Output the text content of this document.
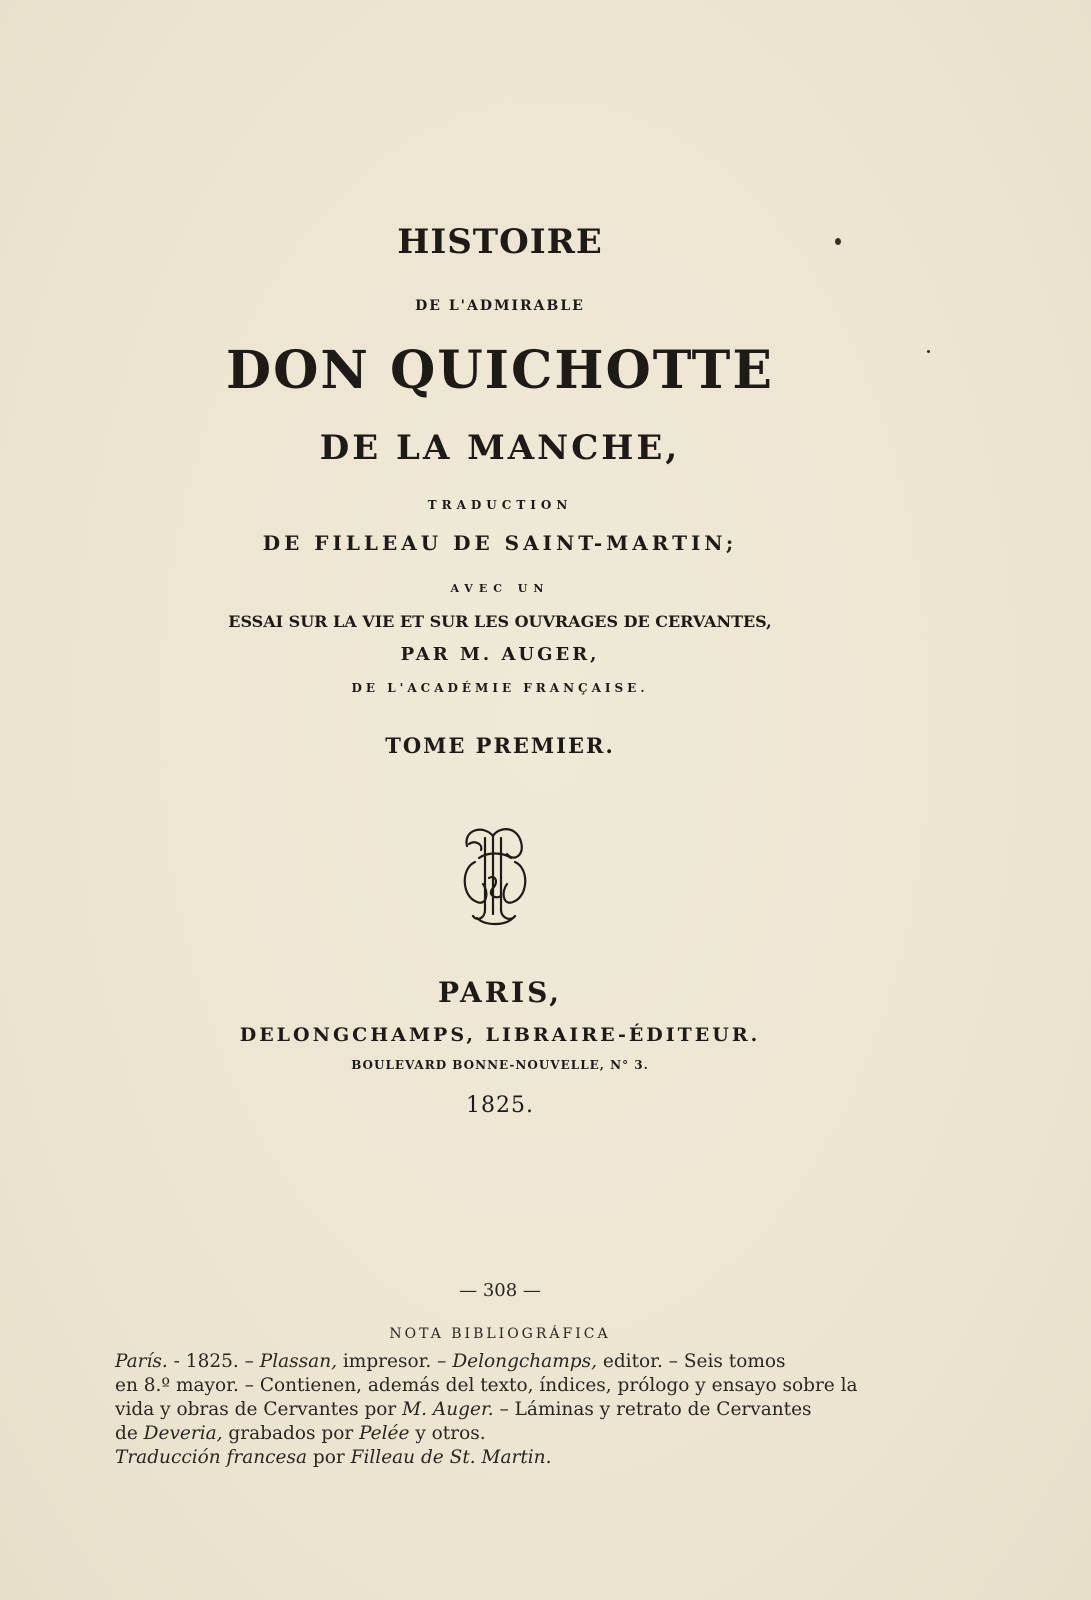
HISTOIRE
DE L'ADMIRABLE
DON QUICHOTTE
DE LA MANCHE,
TRADUCTION
DE FILLEAU DE SAINT-MARTIN;
AVEC UN
ESSAI SUR LA VIE ET SUR LES OUVRAGES DE CERVANTES,
PAR M. AUGER,
DE L'ACADÉMIE FRANÇAISE.
TOME PREMIER.
PARIS,
DELONGCHAMPS, LIBRAIRE-ÉDITEUR.
BOULEVARD BONNE-NOUVELLE, N° 3.
1825.
— 308 —
NOTA BIBLIOGRÁFICA
París. - 1825. – Plassan, impresor. – Delongchamps, editor. – Seis tomos
en 8.º mayor. – Contienen, además del texto, índices, prólogo y ensayo sobre la
vida y obras de Cervantes por M. Auger. – Láminas y retrato de Cervantes
de Deveria, grabados por Pelée y otros.
Traducción francesa por Filleau de St. Martin.
